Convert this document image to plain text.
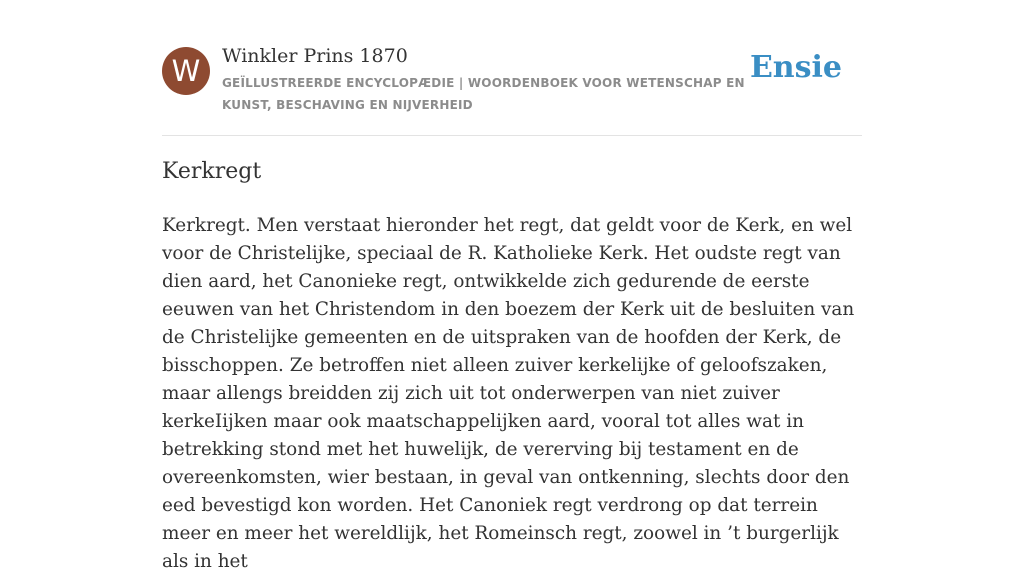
W	Winkler Prins 1870
GEÏLLUSTREERDE ENCYCLOPÆDIE | WOORDENBOEK VOOR WETENSCHAP EN KUNST, BESCHAVING EN NIJVERHEID
Ensie
Kerkregt

Kerkregt. Men verstaat hieronder het regt, dat geldt voor de Kerk, en wel voor de Christelijke, speciaal de R. Katholieke Kerk. Het oudste regt van dien aard, het Canonieke regt, ontwikkelde zich gedurende de eerste eeuwen van het Christendom in den boezem der Kerk uit de besluiten van de Christelijke gemeenten en de uitspraken van de hoofden der Kerk, de bisschoppen. Ze betroffen niet alleen zuiver kerkelijke of geloofszaken, maar allengs breidden zij zich uit tot onderwerpen van niet zuiver kerkeIijken maar ook maatschappelijken aard, vooral tot alles wat in betrekking stond met het huwelijk, de vererving bij testament en de overeenkomsten, wier bestaan, in geval van ontkenning, slechts door den eed bevestigd kon worden. Het Canoniek regt verdrong op dat terrein meer en meer het wereldlijk, het Romeinsch regt, zoowel in ’t burgerlijk als in het
